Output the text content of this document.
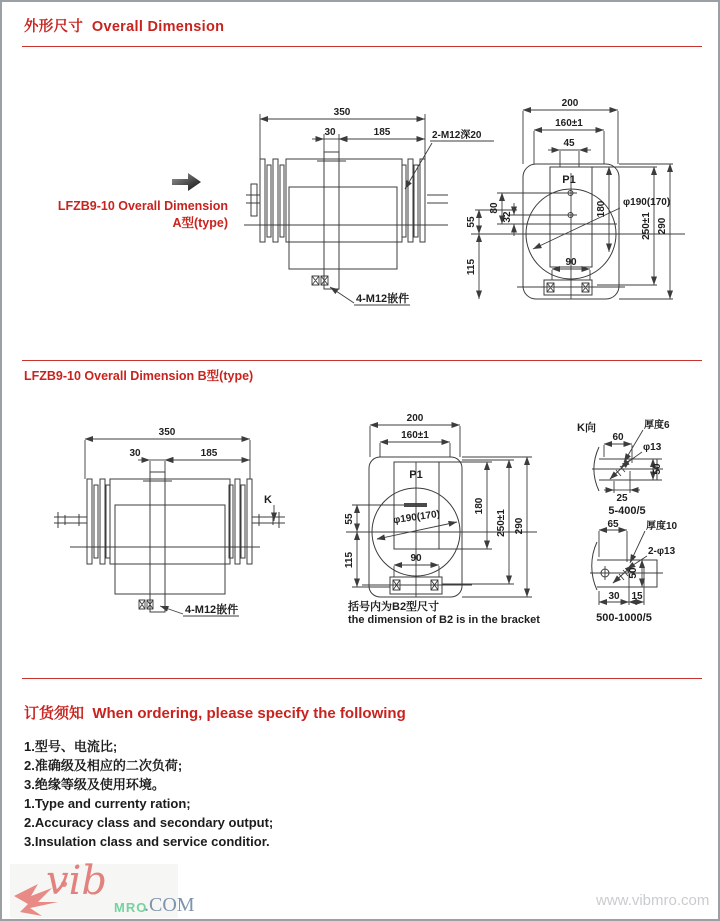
外形尺寸 Overall Dimension
LFZB9-10 Overall Dimension
A型(type)
350
30	185	2-M12深20
4-M12嵌件
200
160±1
45
P1
80
32
55
115
180
250±1 290
φ190(170)
90
LFZB9-10 Overall Dimension B型(type)
350
30	185
K
4-M12嵌件
200
160±1
P1
φ190(170)
55
115
180
250±1 290
90
括号内为B2型尺寸
the dimension of B2 is in the bracket
K向
60
厚度6
φ13
50
25
5-400/5
65	厚度10
2-φ13
50
30 15
500-1000/5
订货须知 When ordering, please specify the following
1.型号、电流比;
2.准确级及相应的二次负荷;
3.绝缘等级及使用环境。
1.Type and currenty ration;
2.Accuracy class and secondary output;
3.Insulation class and service conditior.
vib
MRO
.COM	www.vibmro.com
